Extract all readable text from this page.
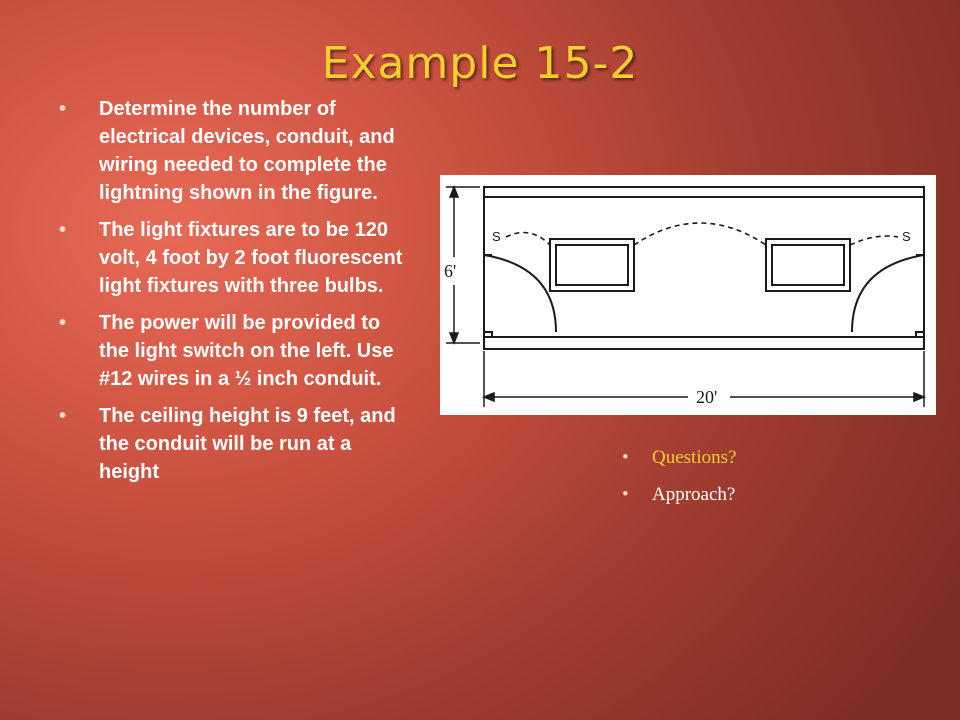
Example 15-2
• Determine the number of electrical devices, conduit, and wiring needed to complete the lightning shown in the figure.
• The light fixtures are to be 120 volt, 4 foot by 2 foot fluorescent light fixtures with three bulbs.
• The power will be provided to the light switch on the left. Use #12 wires in a ½ inch conduit.
• The ceiling height is 9 feet, and the conduit will be run at a height
S	S
6'
20'
• Questions?
• Approach?
